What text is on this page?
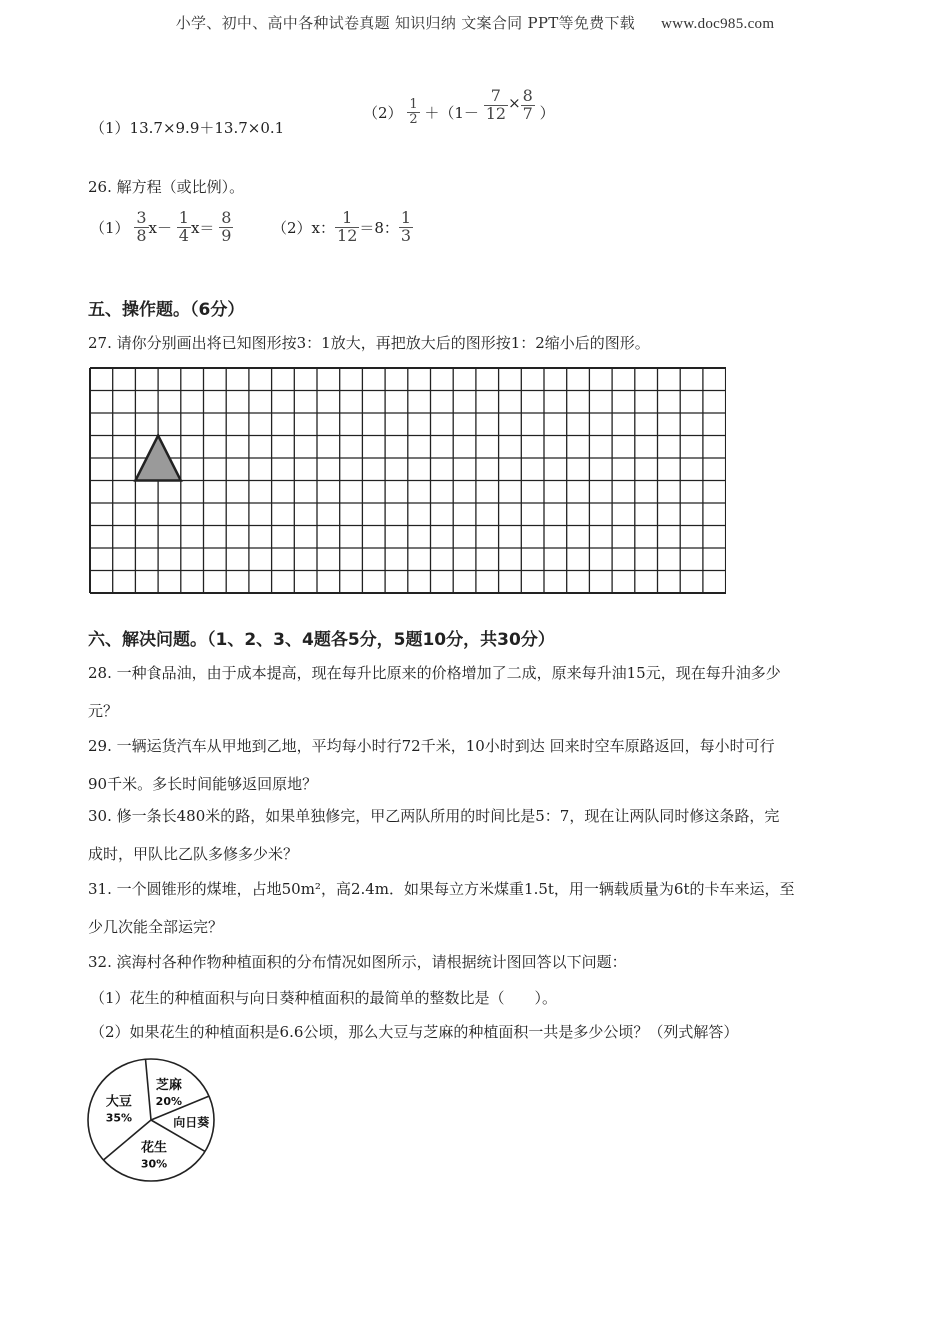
小学、初中、高中各种试卷真题 知识归纳 文案合同 PPT等免费下载 www.doc985.com
（1）13.7×9.9＋13.7×0.1
$(2) \frac{1}{2} +(1- \frac{7}{12} \times \frac{8}{7}$ ）
26. 解方程（或比例）。
$(1) \frac{3}{8} x- \frac{1}{4} x= \frac{8}{9}$	（2）x： $\frac{1}{12} =8$： $\frac{1}{3}$
五、操作题。（6分）
27. 请你分别画出将已知图形按3：1放大，再把放大后的图形按1：2缩小后的图形。
六、解决问题。（1、2、3、4题各5分，5题10分，共30分）
28. 一种食品油，由于成本提高，现在每升比原来的价格增加了二成，原来每升油15元，现在每升油多少
元？
29. 一辆运货汽车从甲地到乙地，平均每小时行72千米，10小时到达 回来时空车原路返回，每小时可行
90千米。多长时间能够返回原地？
30. 修一条长480米的路，如果单独修完，甲乙两队所用的时间比是5：7，现在让两队同时修这条路，完
成时，甲队比乙队多修多少米？
31. 一个圆锥形的煤堆，占地50m²，高2.4m．如果每立方米煤重1.5t，用一辆载质量为6t的卡车来运，至
少几次能全部运完？
32. 滨海村各种作物种植面积的分布情况如图所示，请根据统计图回答以下问题：
（1）花生的种植面积与向日葵种植面积的最简单的整数比是（　　）。
（2）如果花生的种植面积是6.6公顷，那么大豆与芝麻的种植面积一共是多少公顷？（列式解答）
芝麻
20%
向日葵
花生
30%
大豆
35%
